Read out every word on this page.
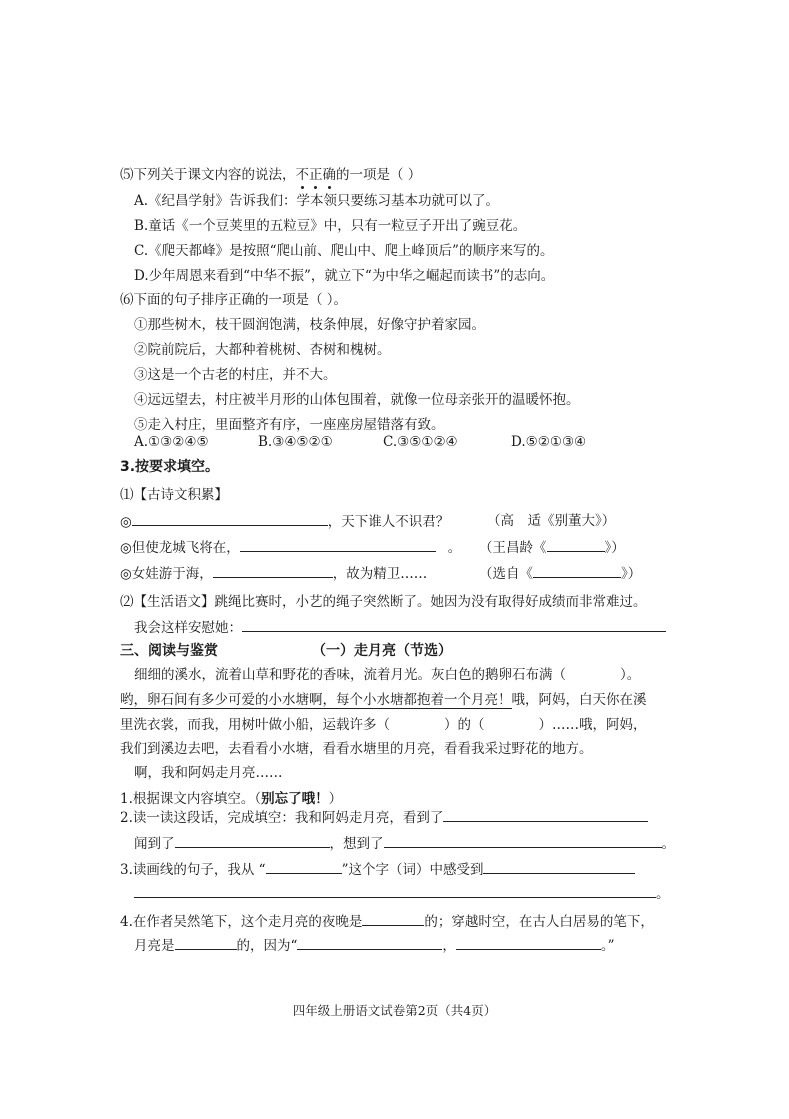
⑸下列关于课文内容的说法，不正确的一项是（ ）
A.《纪昌学射》告诉我们：学本领只要练习基本功就可以了。
B.童话《一个豆荚里的五粒豆》中，只有一粒豆子开出了豌豆花。
C.《爬天都峰》是按照“爬山前、爬山中、爬上峰顶后”的顺序来写的。
D.少年周恩来看到“中华不振”，就立下“为中华之崛起而读书”的志向。
⑹下面的句子排序正确的一项是（ ）。
①那些树木，枝干圆润饱满，枝条伸展，好像守护着家园。
②院前院后，大都种着桃树、杏树和槐树。
③这是一个古老的村庄，并不大。
④远远望去，村庄被半月形的山体包围着，就像一位母亲张开的温暖怀抱。
⑤走入村庄，里面整齐有序，一座座房屋错落有致。
A.①③②④⑤	B.③④⑤②①	C.③⑤①②④	D.⑤②①③④
3.按要求填空。
⑴【古诗文积累】
◎	，天下谁人不识君？	（高　适《别董大》）
◎但使龙城飞将在，	。 （王昌龄《	》）
◎女娃游于海，	，故为精卫……	（选自《	》）
⑵【生活语文】跳绳比赛时，小艺的绳子突然断了。她因为没有取得好成绩而非常难过。
我会这样安慰她：
三、阅读与鉴赏	（一）走月亮（节选）
细细的溪水，流着山草和野花的香味，流着月光。灰白色的鹅卵石布满（	）。
哟，卵石间有多少可爱的小水塘啊，每个小水塘都抱着一个月亮！哦，阿妈，白天你在溪
里洗衣裳，而我，用树叶做小船，运载许多（	）的（	）……哦，阿妈，
我们到溪边去吧，去看看小水塘，看看水塘里的月亮，看看我采过野花的地方。
啊，我和阿妈走月亮……
1.根据课文内容填空。（别忘了哦！）
2.读一读这段话，完成填空：我和阿妈走月亮，看到了
闻到了	，想到了	。
3.读画线的句子，我从 “	”这个字（词）中感受到
。
4.在作者吴然笔下，这个走月亮的夜晚是	的；穿越时空，在古人白居易的笔下，
月亮是	的，因为“	，	。”
四年级上册语文试卷第2页（共4页）
